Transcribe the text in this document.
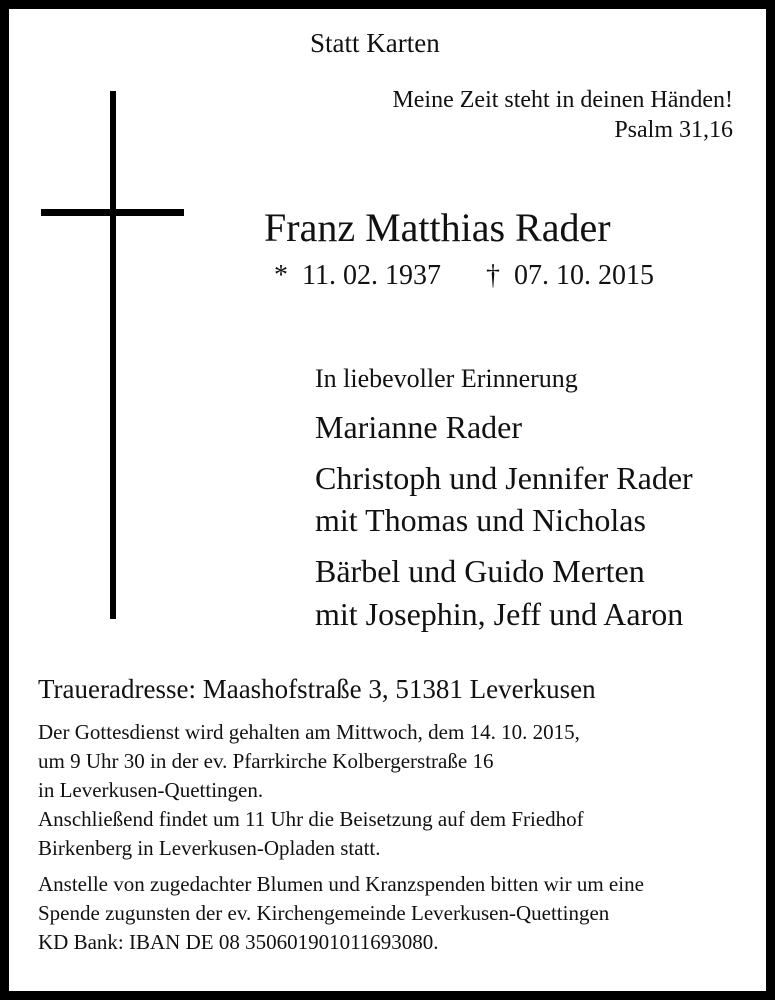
Statt Karten
Meine Zeit steht in deinen Händen!
Psalm 31,16
Franz Matthias Rader
* 11. 02. 1937 † 07. 10. 2015
In liebevoller Erinnerung
Marianne Rader
Christoph und Jennifer Rader
mit Thomas und Nicholas
Bärbel und Guido Merten
mit Josephin, Jeff und Aaron
Traueradresse: Maashofstraße 3, 51381 Leverkusen
Der Gottesdienst wird gehalten am Mittwoch, dem 14. 10. 2015,
um 9 Uhr 30 in der ev. Pfarrkirche Kolbergerstraße 16
in Leverkusen-Quettingen.
Anschließend findet um 11 Uhr die Beisetzung auf dem Friedhof
Birkenberg in Leverkusen-Opladen statt.
Anstelle von zugedachter Blumen und Kranzspenden bitten wir um eine
Spende zugunsten der ev. Kirchengemeinde Leverkusen-Quettingen
KD Bank: IBAN DE 08 350601901011693080.
